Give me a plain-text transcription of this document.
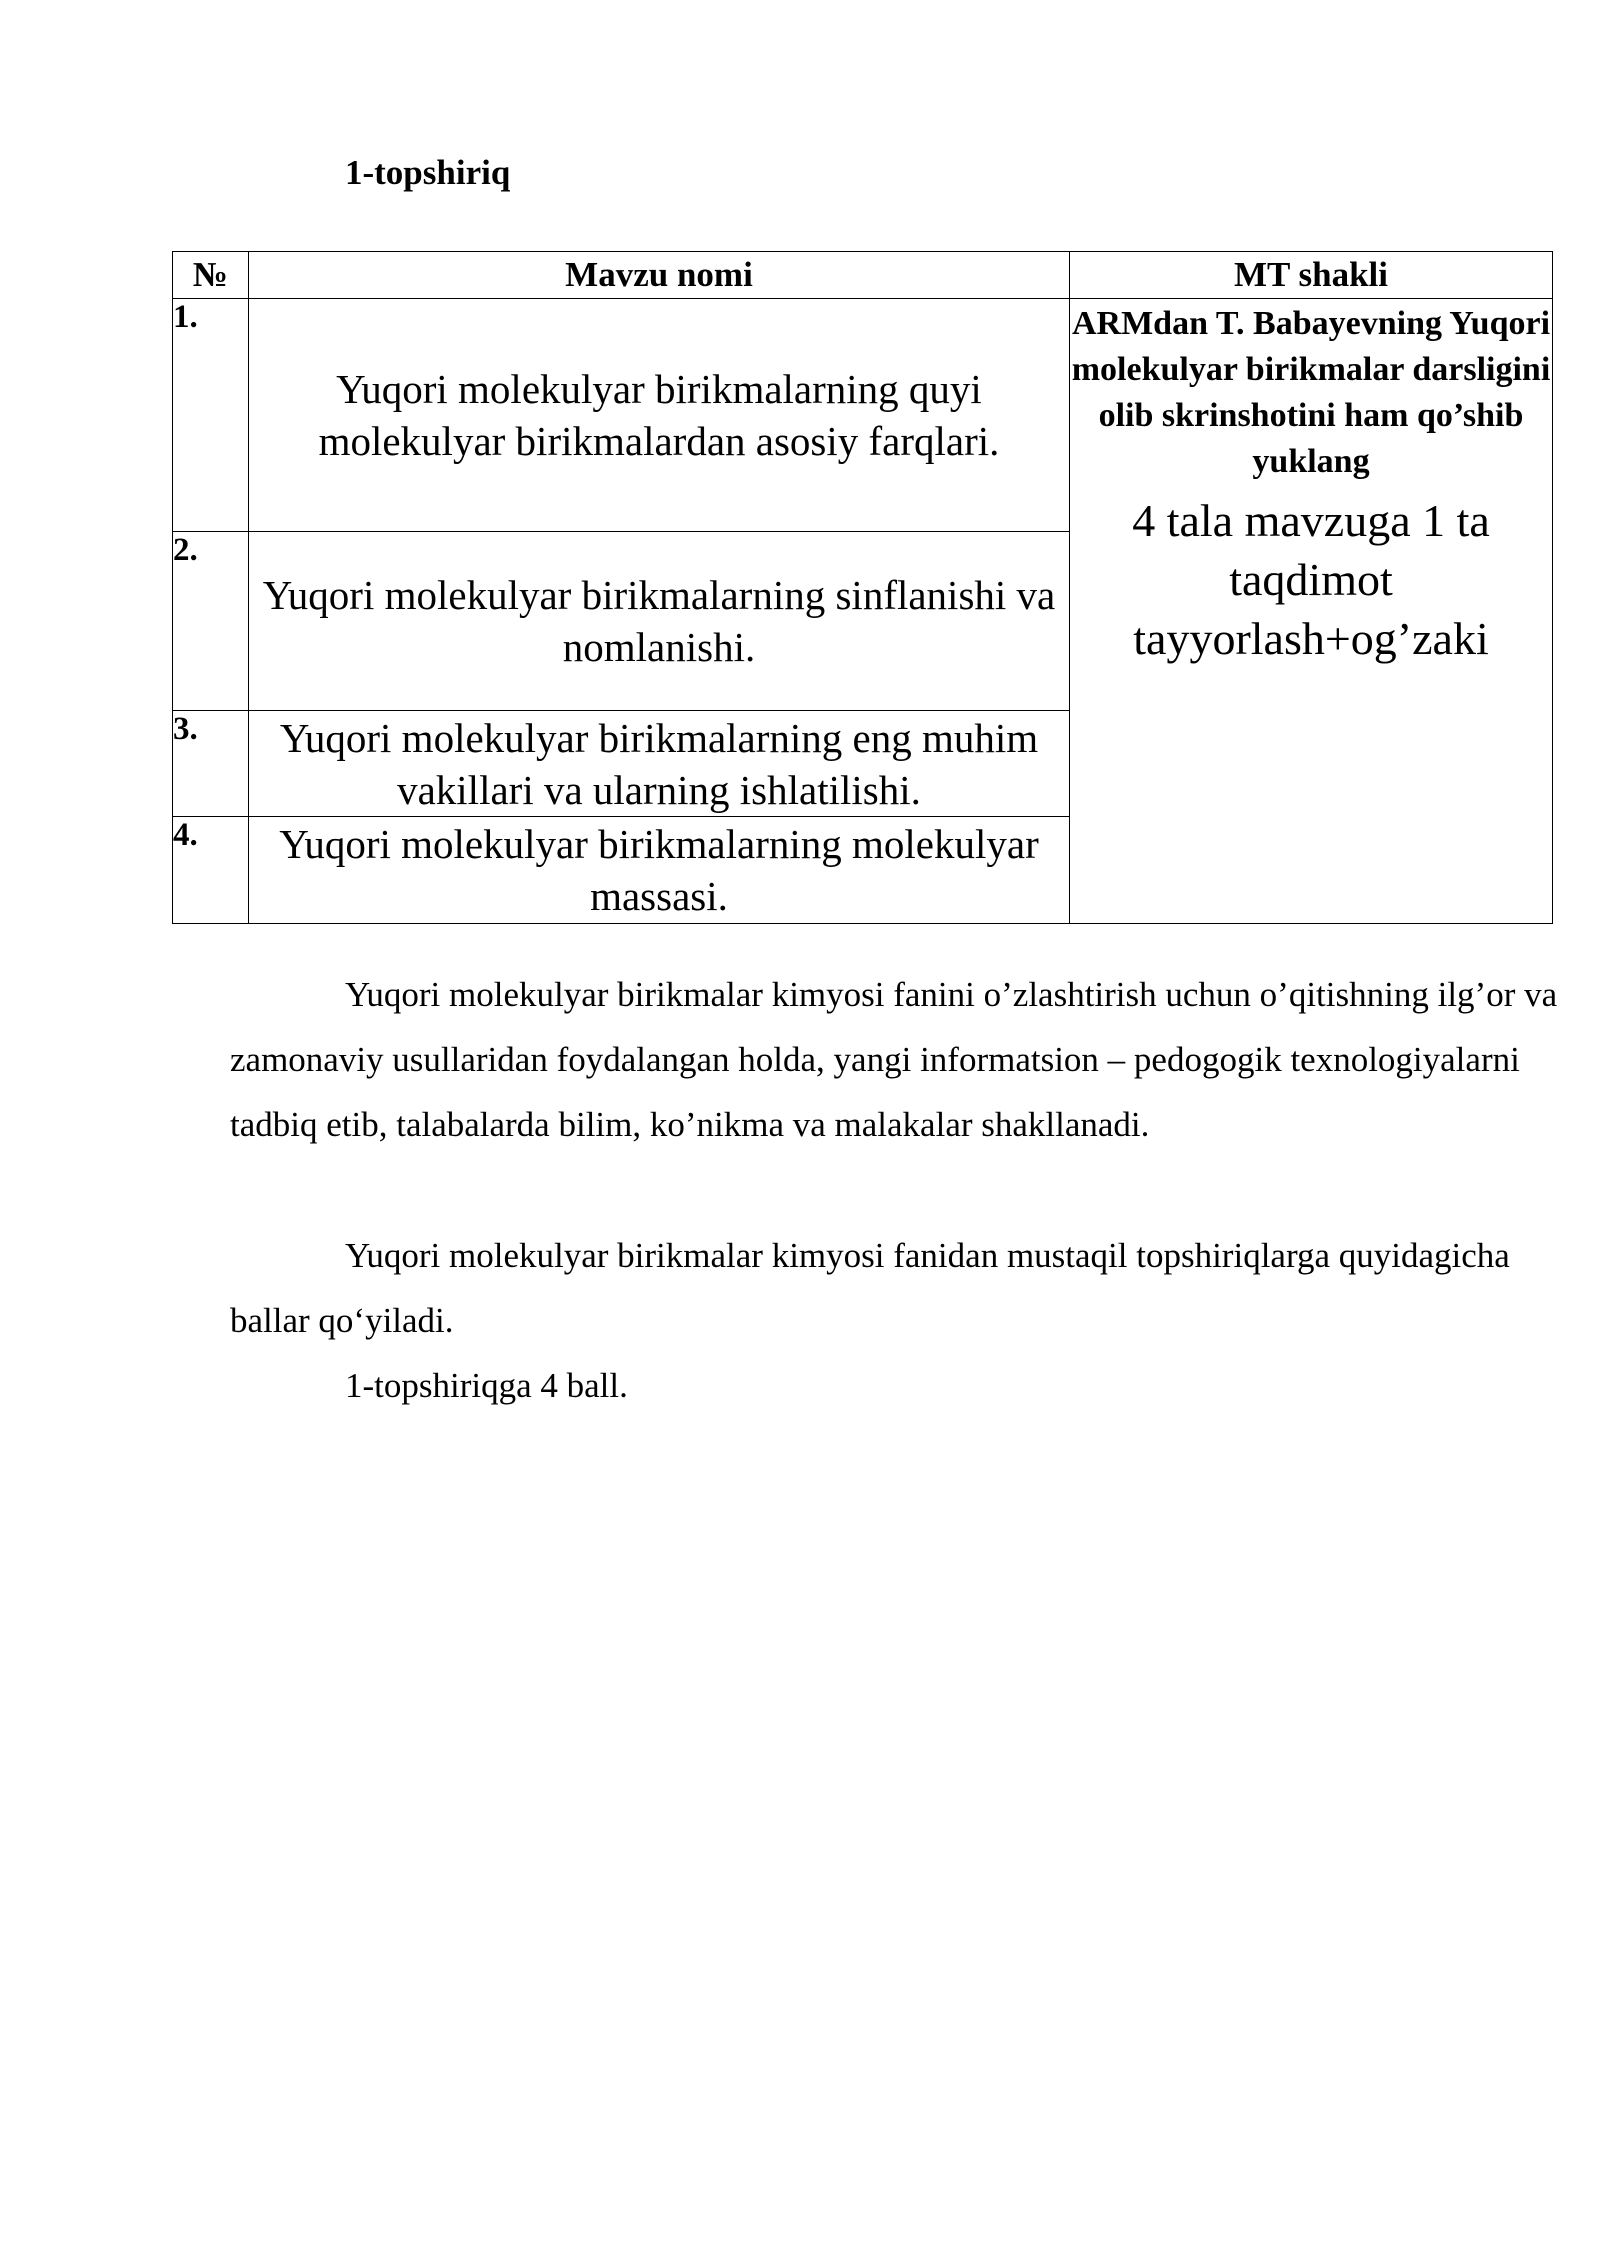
1-topshiriq
№	Mavzu nomi	MT shakli
1.	Yuqori molekulyar birikmalarning quyi molekulyar birikmalardan asosiy farqlari.	ARMdan T. Babayevning Yuqori molekulyar birikmalar darsligini olib skrinshotini ham qo’shib yuklang
4 tala mavzuga 1 ta taqdimot tayyorlash+og’zaki

2.	Yuqori molekulyar birikmalarning sinflanishi va nomlanishi.	
3.	Yuqori molekulyar birikmalarning eng muhim vakillari va ularning ishlatilishi.	
4.	Yuqori molekulyar birikmalarning molekulyar massasi.	

Yuqori molekulyar birikmalar kimyosi fanini o’zlashtirish uchun o’qitishning ilg’or va zamonaviy usullaridan foydalangan holda, yangi informatsion – pedogogik texnologiyalarni tadbiq etib, talabalarda bilim, ko’nikma va malakalar shakllanadi.

Yuqori molekulyar birikmalar kimyosi fanidan mustaqil topshiriqlarga quyidagicha ballar qo‘yiladi.

1-topshiriqga 4 ball.
